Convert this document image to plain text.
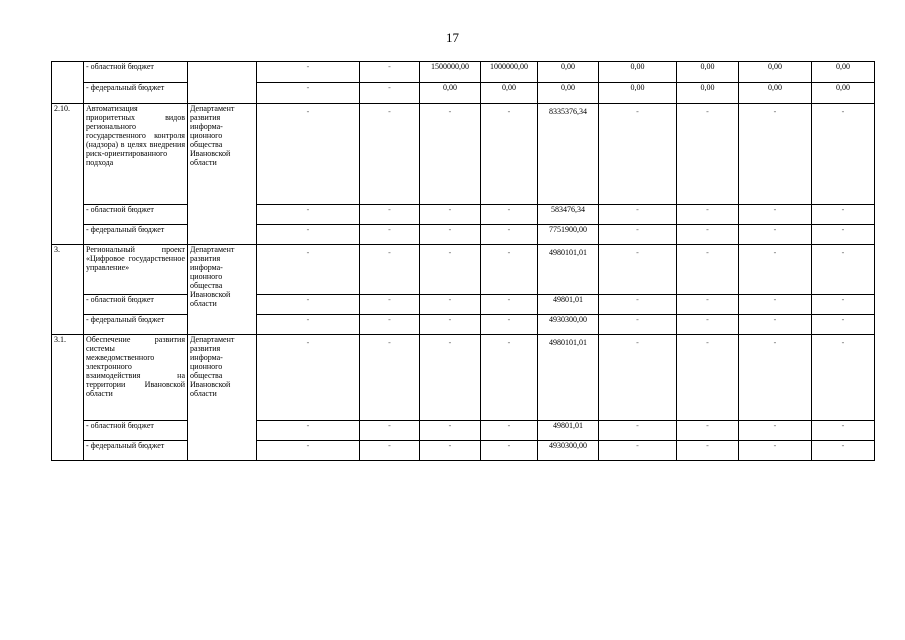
17
	- областной бюджет		-	-	1500000,00	1000000,00	0,00	0,00	0,00	0,00	0,00
	- федеральный бюджет		-	-	0,00	0,00	0,00	0,00	0,00	0,00	0,00
2.10.	Автоматизация приоритетных видов регионального государственного контроля (надзора) в целях внедрения риск-ориентированного подхода	Департамент развития информа-ционного общества Ивановской области	-	-	-	-	8335376,34	-	-	-	-
	- областной бюджет		-	-	-	-	583476,34	-	-	-	-
	- федеральный бюджет		-	-	-	-	7751900,00	-	-	-	-
3.	Региональный проект «Цифровое государственное управление»	Департамент развития информа-ционного общества Ивановской области	-	-	-	-	4980101,01	-	-	-	-
	- областной бюджет		-	-	-	-	49801,01	-	-	-	-
	- федеральный бюджет		-	-	-	-	4930300,00	-	-	-	-
3.1.	Обеспечение развития системы межведомственного электронного взаимодействия на территории Ивановской области	Департамент развития информа-ционного общества Ивановской области	-	-	-	-	4980101,01	-	-	-	-
	- областной бюджет		-	-	-	-	49801,01	-	-	-	-
	- федеральный бюджет		-	-	-	-	4930300,00	-	-	-	-
